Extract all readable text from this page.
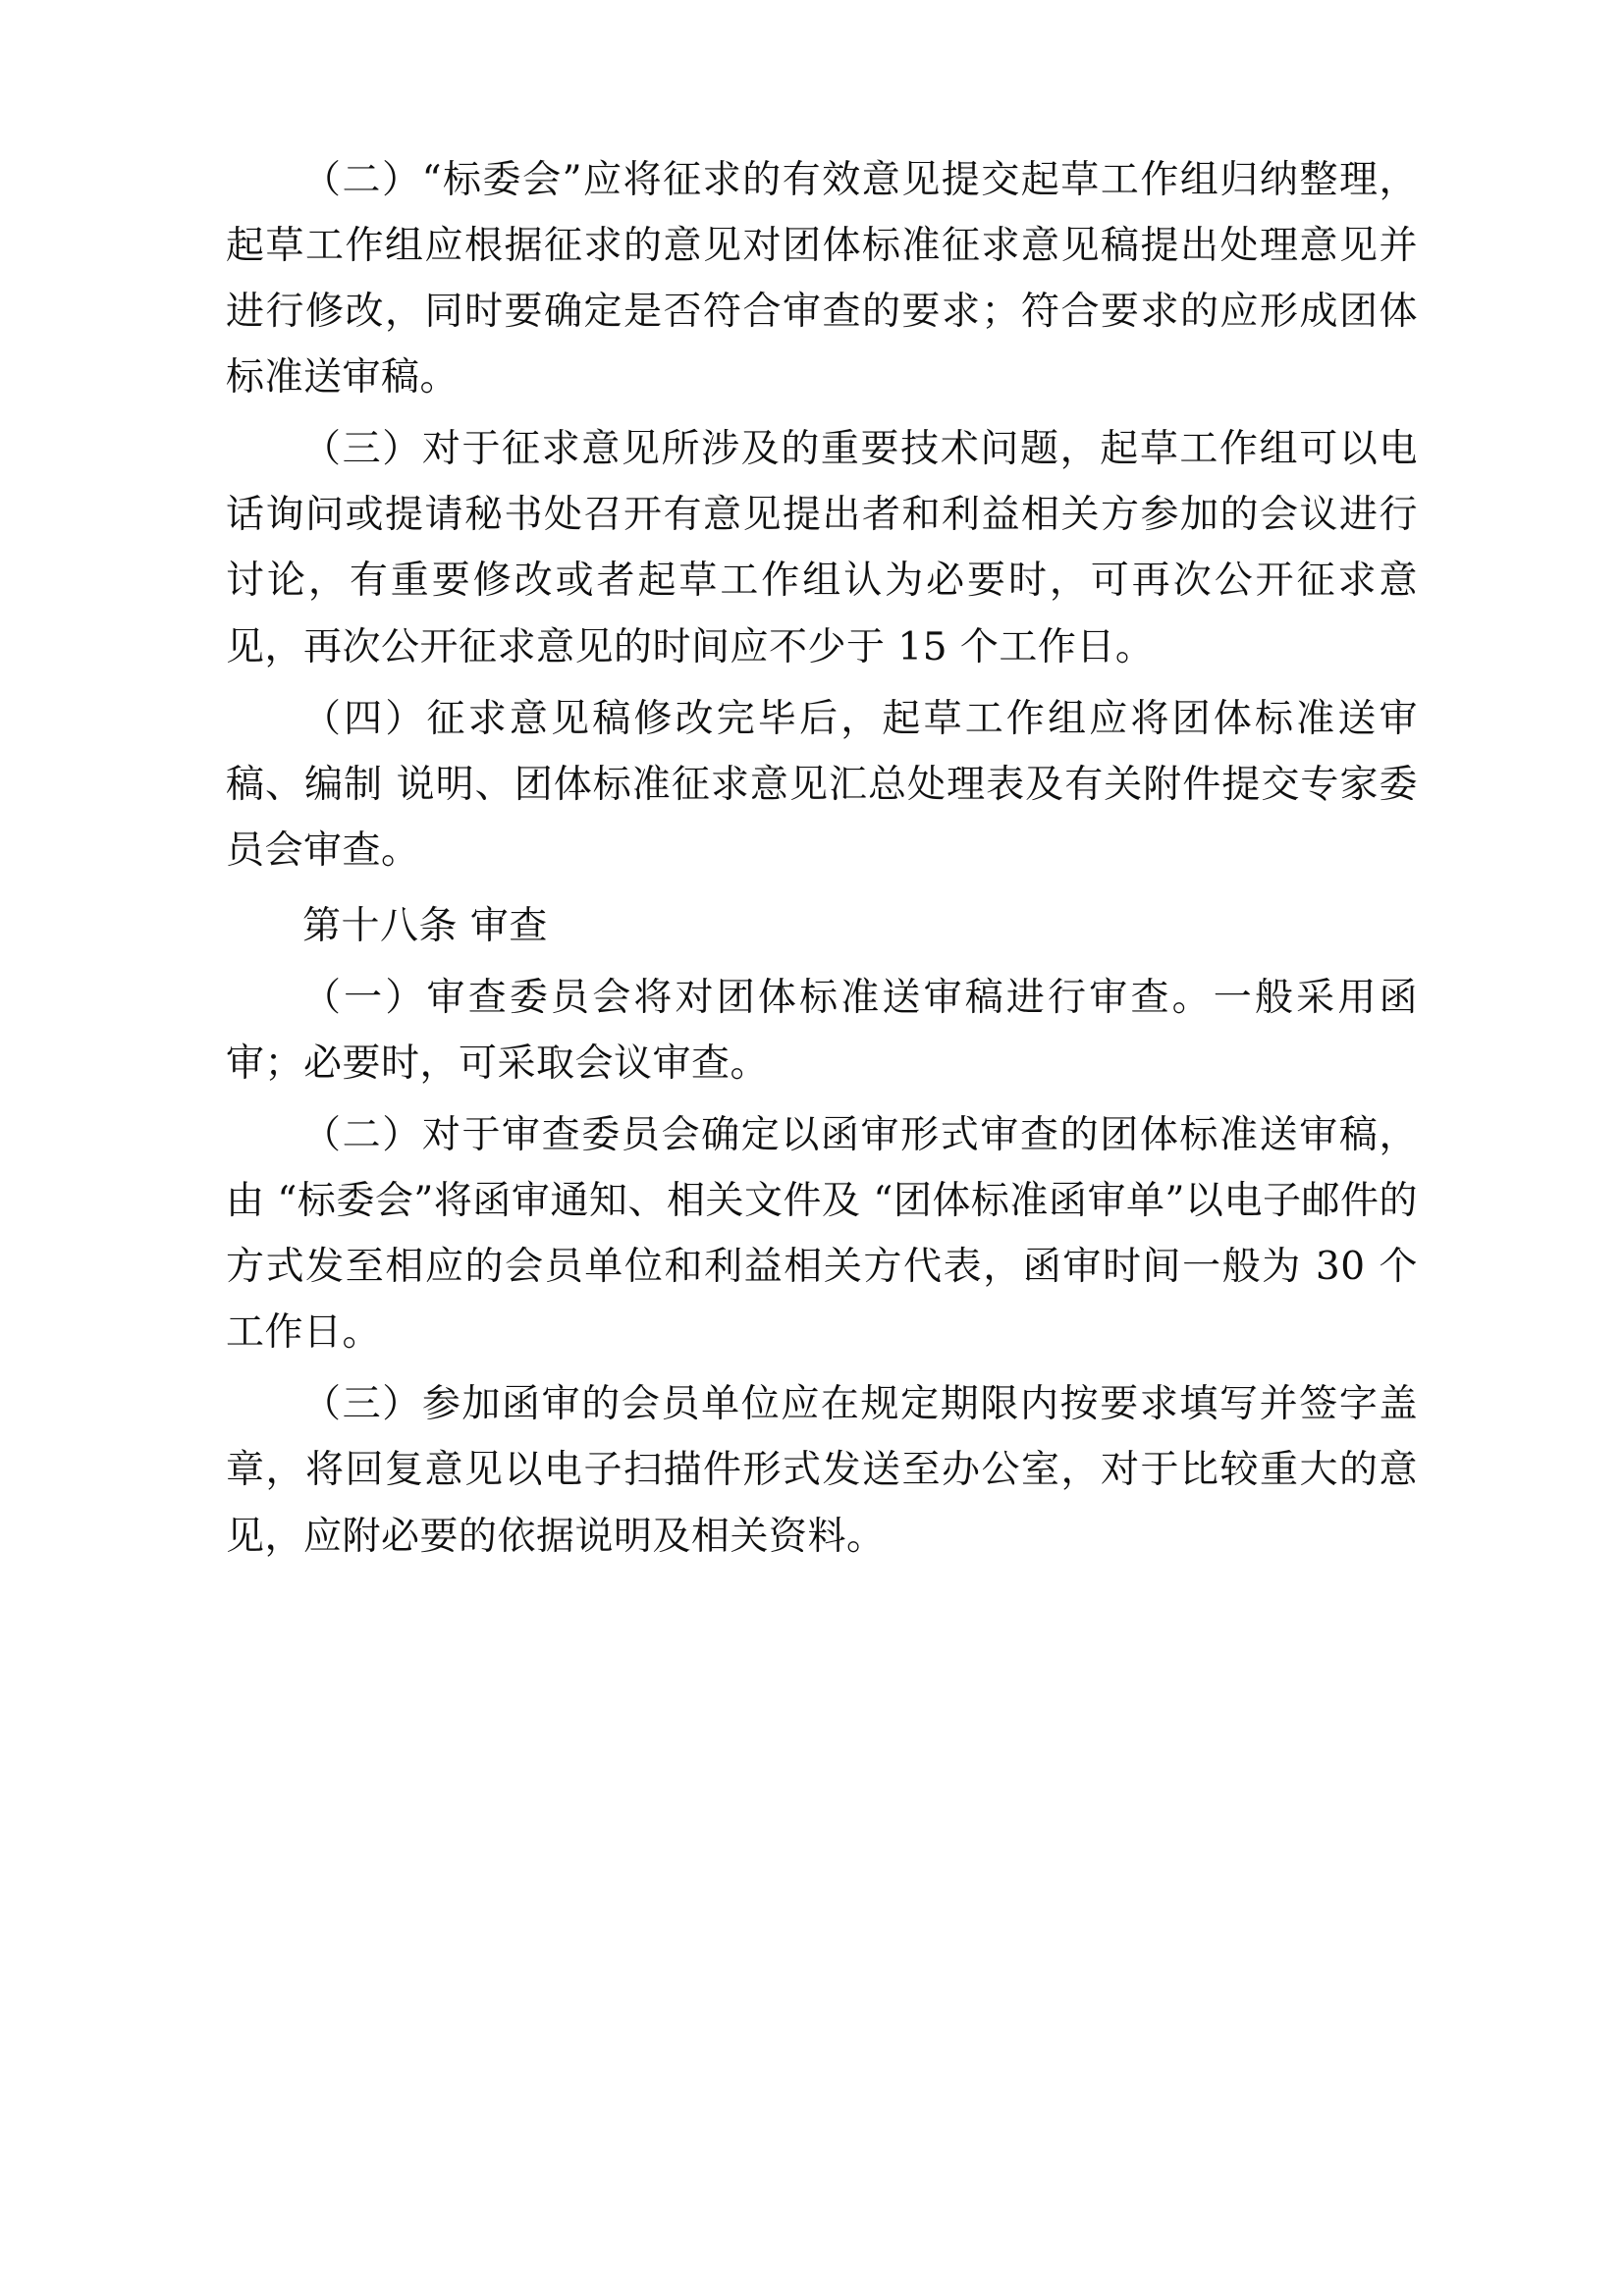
（二）“标委会”应将征求的有效意见提交起草工作组归纳整理，起草工作组应根据征求的意见对团体标准征求意见稿提出处理意见并进行修改，同时要确定是否符合审查的要求；符合要求的应形成团体标准送审稿。

（三）对于征求意见所涉及的重要技术问题，起草工作组可以电话询问或提请秘书处召开有意见提出者和利益相关方参加的会议进行讨论，有重要修改或者起草工作组认为必要时，可再次公开征求意见，再次公开征求意见的时间应不少于 15 个工作日。

（四）征求意见稿修改完毕后，起草工作组应将团体标准送审稿、编制 说明、团体标准征求意见汇总处理表及有关附件提交专家委员会审查。

第十八条 审查

（一）审查委员会将对团体标准送审稿进行审查。一般采用函审；必要时，可采取会议审查。

（二）对于审查委员会确定以函审形式审查的团体标准送审稿，由 “标委会”将函审通知、相关文件及 “团体标准函审单”以电子邮件的方式发至相应的会员单位和利益相关方代表，函审时间一般为 30 个工作日。

（三）参加函审的会员单位应在规定期限内按要求填写并签字盖章，将回复意见以电子扫描件形式发送至办公室，对于比较重大的意见，应附必要的依据说明及相关资料。
